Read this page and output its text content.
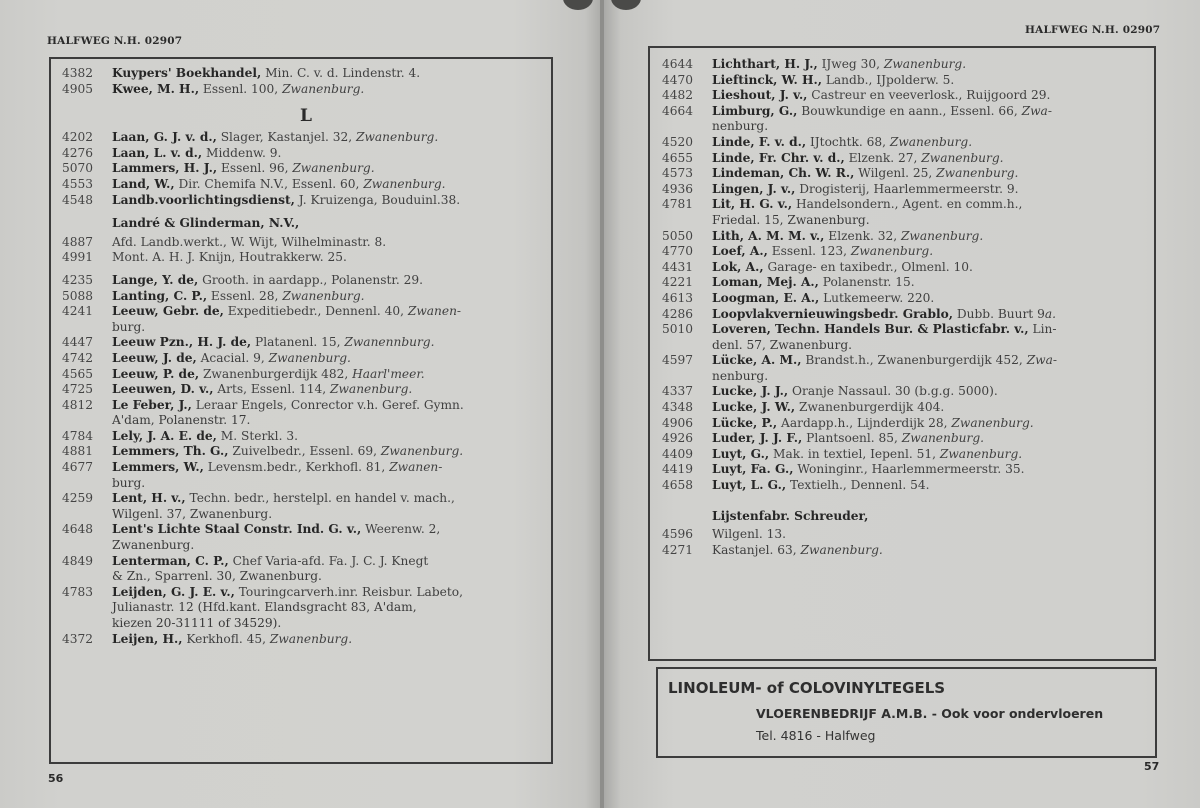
HALFWEG N.H. 02907
4382	Kuypers' Boekhandel, Min. C. v. d. Lindenstr. 4.
4905	Kwee, M. H., Essenl. 100, Zwanenburg.
L
4202	Laan, G. J. v. d., Slager, Kastanjel. 32, Zwanenburg.
4276	Laan, L. v. d., Middenw. 9.
5070	Lammers, H. J., Essenl. 96, Zwanenburg.
4553	Land, W., Dir. Chemifa N.V., Essenl. 60, Zwanenburg.
4548	Landb.voorlichtingsdienst, J. Kruizenga, Bouduinl.38.
Landré & Glinderman, N.V.,
4887	Afd. Landb.werkt., W. Wijt, Wilhelminastr. 8.
4991	Mont. A. H. J. Knijn, Houtrakkerw. 25.
4235	Lange, Y. de, Grooth. in aardapp., Polanenstr. 29.
5088	Lanting, C. P., Essenl. 28, Zwanenburg.
4241	Leeuw, Gebr. de, Expeditiebedr., Dennenl. 40, Zwanen-
burg.
4447	Leeuw Pzn., H. J. de, Platanenl. 15, Zwanennburg.
4742	Leeuw, J. de, Acacial. 9, Zwanenburg.
4565	Leeuw, P. de, Zwanenburgerdijk 482, Haarl'meer.
4725	Leeuwen, D. v., Arts, Essenl. 114, Zwanenburg.
4812	Le Feber, J., Leraar Engels, Conrector v.h. Geref. Gymn.
A'dam, Polanenstr. 17.
4784	Lely, J. A. E. de, M. Sterkl. 3.
4881	Lemmers, Th. G., Zuivelbedr., Essenl. 69, Zwanenburg.
4677	Lemmers, W., Levensm.bedr., Kerkhofl. 81, Zwanen-
burg.
4259	Lent, H. v., Techn. bedr., herstelpl. en handel v. mach.,
Wilgenl. 37, Zwanenburg.
4648	Lent's Lichte Staal Constr. Ind. G. v., Weerenw. 2,
Zwanenburg.
4849	Lenterman, C. P., Chef Varia-afd. Fa. J. C. J. Knegt
& Zn., Sparrenl. 30, Zwanenburg.
4783	Leijden, G. J. E. v., Touringcarverh.inr. Reisbur. Labeto,
Julianastr. 12 (Hfd.kant. Elandsgracht 83, A'dam,
kiezen 20-31111 of 34529).
4372	Leijen, H., Kerkhofl. 45, Zwanenburg.
56
HALFWEG N.H. 02907
4644	Lichthart, H. J., IJweg 30, Zwanenburg.
4470	Lieftinck, W. H., Landb., IJpolderw. 5.
4482	Lieshout, J. v., Castreur en veeverlosk., Ruijgoord 29.
4664	Limburg, G., Bouwkundige en aann., Essenl. 66, Zwa-
nenburg.
4520	Linde, F. v. d., IJtochtk. 68, Zwanenburg.
4655	Linde, Fr. Chr. v. d., Elzenk. 27, Zwanenburg.
4573	Lindeman, Ch. W. R., Wilgenl. 25, Zwanenburg.
4936	Lingen, J. v., Drogisterij, Haarlemmermeerstr. 9.
4781	Lit, H. G. v., Handelsondern., Agent. en comm.h.,
Friedal. 15, Zwanenburg.
5050	Lith, A. M. M. v., Elzenk. 32, Zwanenburg.
4770	Loef, A., Essenl. 123, Zwanenburg.
4431	Lok, A., Garage- en taxibedr., Olmenl. 10.
4221	Loman, Mej. A., Polanenstr. 15.
4613	Loogman, E. A., Lutkemeerw. 220.
4286	Loopvlakvernieuwingsbedr. Grablo, Dubb. Buurt 9a.
5010	Loveren, Techn. Handels Bur. & Plasticfabr. v., Lin-
denl. 57, Zwanenburg.
4597	Lücke, A. M., Brandst.h., Zwanenburgerdijk 452, Zwa-
nenburg.
4337	Lucke, J. J., Oranje Nassaul. 30 (b.g.g. 5000).
4348	Lucke, J. W., Zwanenburgerdijk 404.
4906	Lücke, P., Aardapp.h., Lijnderdijk 28, Zwanenburg.
4926	Luder, J. J. F., Plantsoenl. 85, Zwanenburg.
4409	Luyt, G., Mak. in textiel, Iepenl. 51, Zwanenburg.
4419	Luyt, Fa. G., Woninginr., Haarlemmermeerstr. 35.
4658	Luyt, L. G., Textielh., Dennenl. 54.
Lijstenfabr. Schreuder,
4596	Wilgenl. 13.
4271	Kastanjel. 63, Zwanenburg.
LINOLEUM- of COLOVINYLTEGELS
VLOERENBEDRIJF A.M.B. - Ook voor ondervloeren
Tel. 4816 - Halfweg
57
